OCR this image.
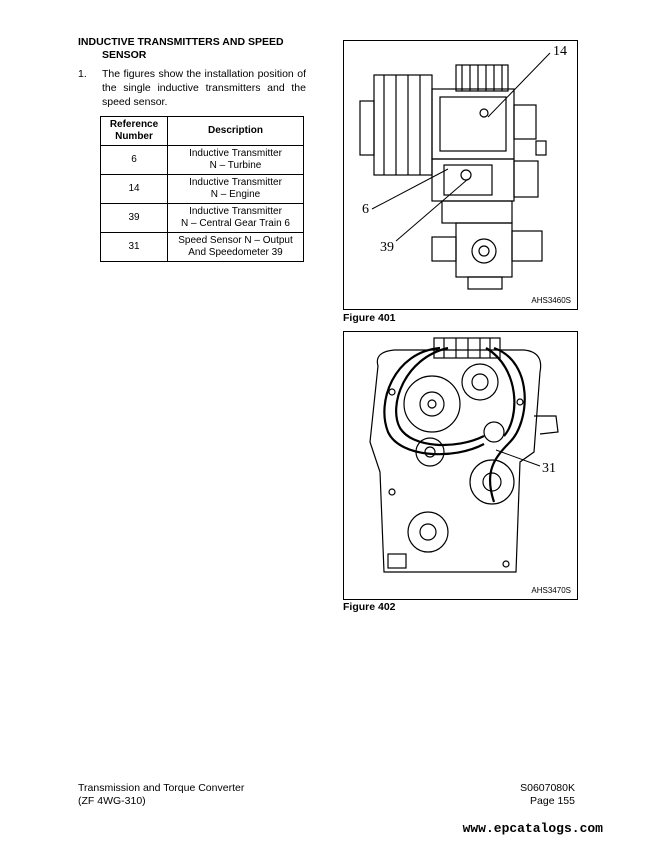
INDUCTIVE TRANSMITTERS AND SPEED
SENSOR
1. The figures show the installation position of the single inductive transmitters and the speed sensor.
Reference Number	Description
6	Inductive Transmitter
N – Turbine
14	Inductive Transmitter
N – Engine
39	Inductive Transmitter
N – Central Gear Train 6
31	Speed Sensor N – Output
And Speedometer 39
14
6
39
AHS3460S
Figure 401
31
AHS3470S
Figure 402
Transmission and Torque Converter
(ZF 4WG-310)
S0607080K
Page 155
www.epcatalogs.com
